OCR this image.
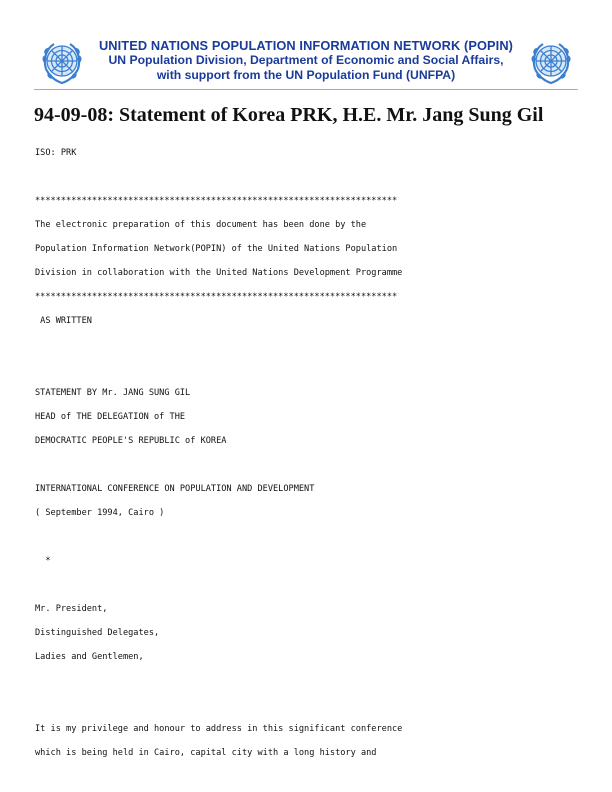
UNITED NATIONS POPULATION INFORMATION NETWORK (POPIN)
UN Population Division, Department of Economic and Social Affairs,
with support from the UN Population Fund (UNFPA)
94-09-08: Statement of Korea PRK, H.E. Mr. Jang Sung Gil
ISO: PRK
**********************************************************************
The electronic preparation of this document has been done by the
Population Information Network(POPIN) of the United Nations Population
Division in collaboration with the United Nations Development Programme
**********************************************************************
AS WRITTEN
STATEMENT BY Mr. JANG SUNG GIL
HEAD of THE DELEGATION of THE
DEMOCRATIC PEOPLE'S REPUBLIC of KOREA
INTERNATIONAL CONFERENCE ON POPULATION AND DEVELOPMENT
( September 1994, Cairo )
*
Mr. President,
Distinguished Delegates,
Ladies and Gentlemen,
It is my privilege and honour to address in this significant conference
which is being held in Cairo, capital city with a long history and
